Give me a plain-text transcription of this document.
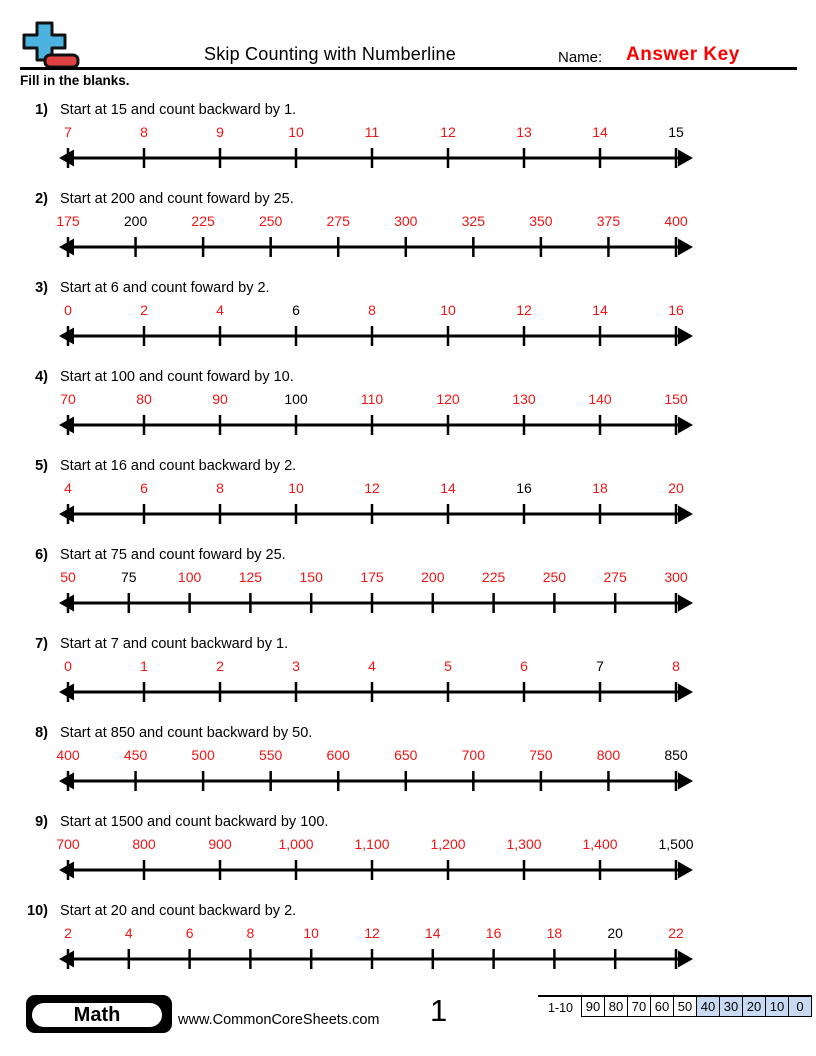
Skip Counting with Numberline	Name: Answer Key
Fill in the blanks.
1) Start at 15 and count backward by 1.
7	8	9	10	11	12	13	14	15
2) Start at 200 and count foward by 25.
175	200	225	250	275	300	325	350	375	400
3) Start at 6 and count foward by 2.
0	2	4	6	8	10	12	14	16
4) Start at 100 and count foward by 10.
70	80	90	100	110	120	130	140	150
5) Start at 16 and count backward by 2.
4	6	8	10	12	14	16	18	20
6) Start at 75 and count foward by 25.
50	75	100	125	150	175	200	225	250	275	300
7) Start at 7 and count backward by 1.
0	1	2	3	4	5	6	7	8
8) Start at 850 and count backward by 50.
400	450	500	550	600	650	700	750	800	850
9) Start at 1500 and count backward by 100.
700	800	900	1,000	1,100	1,200	1,300	1,400	1,500
10) Start at 20 and count backward by 2.
2	4	6	8	10	12	14	16	18	20	22
Math	www.CommonCoreSheets.com 1	1-10 90 80 70 60 50 40 30 20 10 0
